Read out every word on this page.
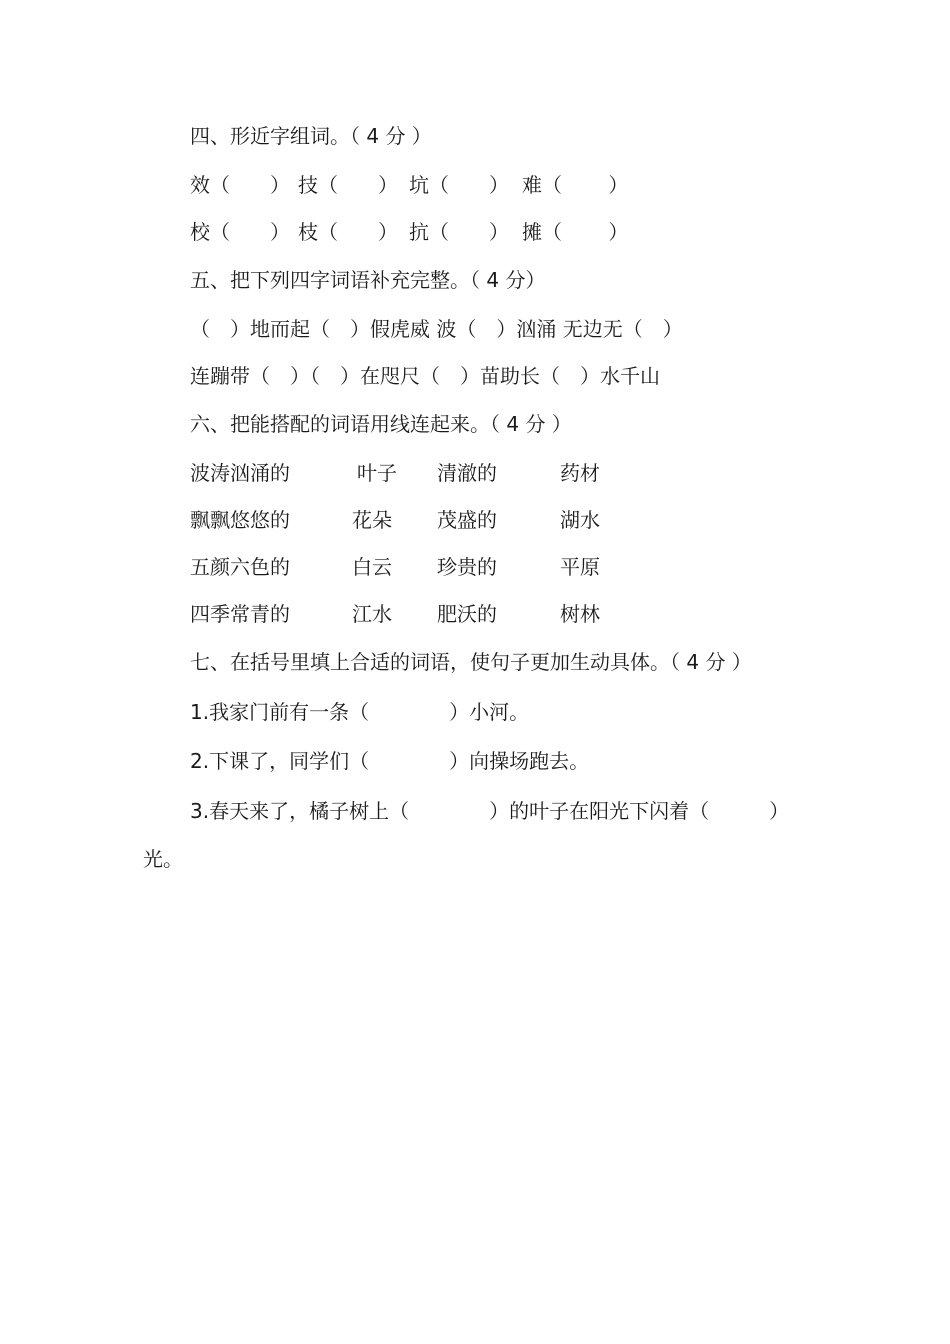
四、形近字组词。（ 4 分 ）
效（　　） 技（　　） 坑（　　） 难（　　 ）
校（　　） 枝（　　） 抗（　　） 摊（　　 ）
五、把下列四字词语补充完整。（ 4 分）
（　）地而起（　）假虎威 波（　）汹涌 无边无（　）
连蹦带（　）（　）在咫尺（　）苗助长（　）水千山
六、把能搭配的词语用线连起来。（ 4 分 ）
波涛汹涌的	叶子 清澈的	药材
飘飘悠悠的	花朵 茂盛的	湖水
五颜六色的	白云 珍贵的	平原
四季常青的	江水 肥沃的	树林
七、在括号里填上合适的词语，使句子更加生动具体。（ 4 分 ）
1.我家门前有一条（　　　　）小河。
2.下课了，同学们（　　　　）向操场跑去。
3.春天来了，橘子树上（　　　　）的叶子在阳光下闪着（　　　）
光。
